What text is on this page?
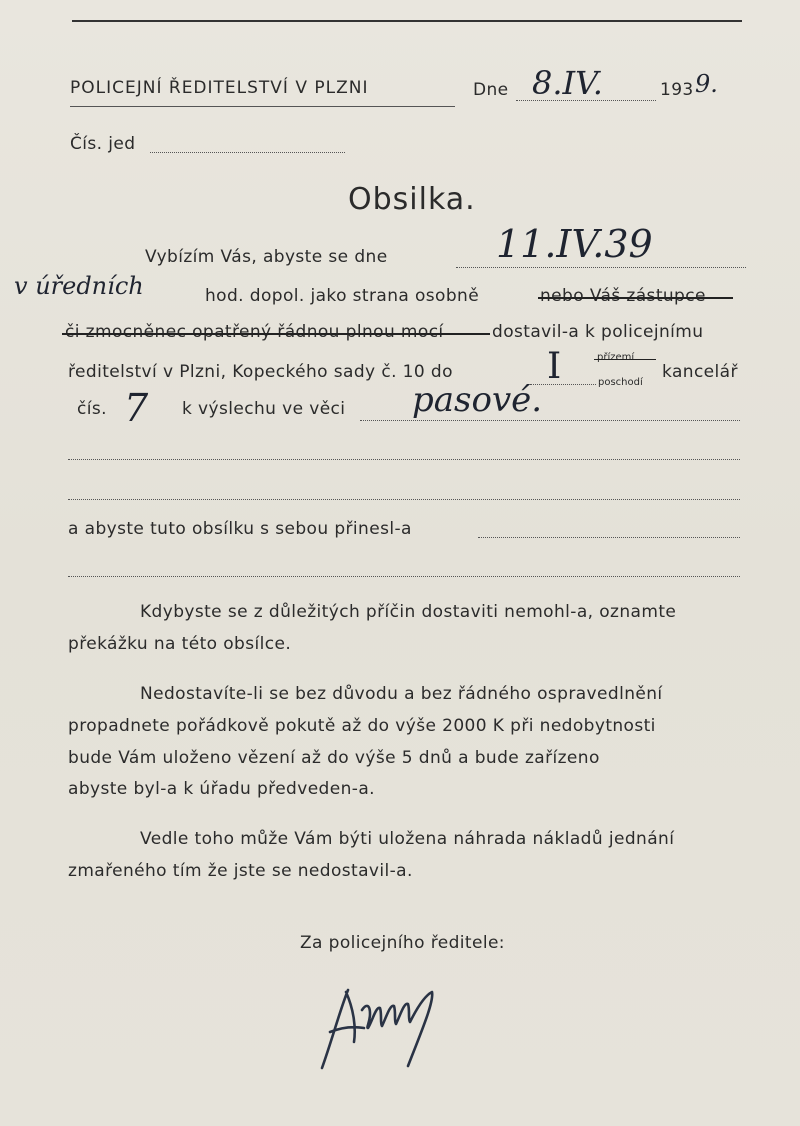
POLICEJNÍ ŘEDITELSTVÍ V PLZNI	Dne 8.IV.	193 9.
Čís. jed
Obsilka.
Vybízím Vás, abyste se dne	11.IV.39
v úředních	hod. dopol. jako strana osobně	nebo Váš zástupce
či zmocněnec opatřený řádnou plnou mocí	dostavil-a k policejnímu
ředitelství v Plzni, Kopeckého sady č. 10 do	I	přízemí
poschodí
kancelář
čís. 7 k výslechu ve věci pasové.
a abyste tuto obsílku s sebou přinesl-a
Kdybyste se z důležitých příčin dostaviti nemohl-a, oznamte
překážku na této obsílce.
Nedostavíte-li se bez důvodu a bez řádného ospravedlnění
propadnete pořádkově pokutě až do výše 2000 K při nedobytnosti
bude Vám uloženo vězení až do výše 5 dnů a bude zařízeno
abyste byl-a k úřadu předveden-a.
Vedle toho může Vám býti uložena náhrada nákladů jednání
zmařeného tím že jste se nedostavil-a.
Za policejního ředitele:
